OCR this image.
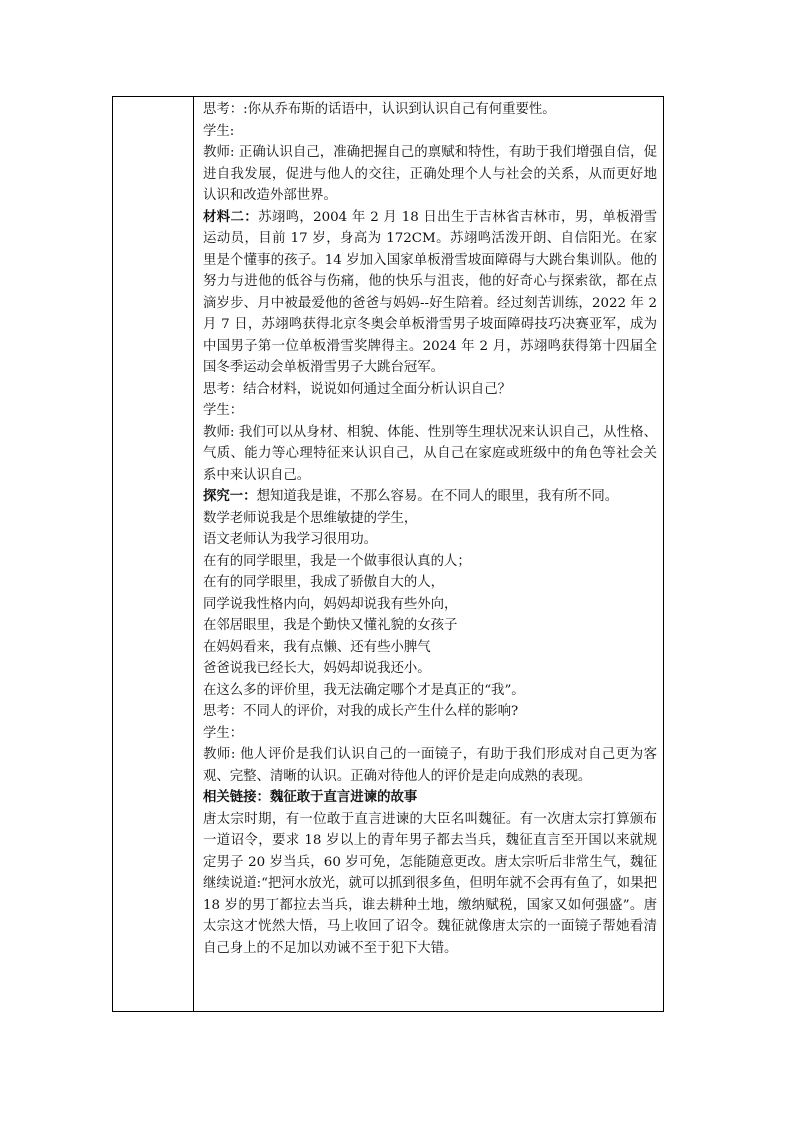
思考：:你从乔布斯的话语中，认识到认识自己有何重要性。

学生:

教师: 正确认识自己，准确把握自己的禀赋和特性，有助于我们增强自信，促进自我发展，促进与他人的交往，正确处理个人与社会的关系，从而更好地认识和改造外部世界。

材料二：苏翊鸣，2004 年 2 月 18 日出生于吉林省吉林市，男，单板滑雪运动员，目前 17 岁，身高为 172CM。苏翊鸣活泼开朗、自信阳光。在家里是个懂事的孩子。14 岁加入国家单板滑雪坡面障碍与大跳台集训队。他的努力与进他的低谷与伤痛，他的快乐与沮丧，他的好奇心与探索欲，都在点滴岁步、月中被最爱他的爸爸与妈妈--好生陪着。经过刻苦训练，2022 年 2 月 7 日，苏翊鸣获得北京冬奥会单板滑雪男子坡面障碍技巧决赛亚军，成为中国男子第一位单板滑雪奖牌得主。2024 年 2 月，苏翊鸣获得第十四届全国冬季运动会单板滑雪男子大跳台冠军。

思考：结合材料，说说如何通过全面分析认识自己？

学生：

教师: 我们可以从身材、相貌、体能、性别等生理状况来认识自己，从性格、气质、能力等心理特征来认识自己，从自己在家庭或班级中的角色等社会关系中来认识自己。

探究一：想知道我是谁，不那么容易。在不同人的眼里，我有所不同。

数学老师说我是个思维敏捷的学生，

语文老师认为我学习很用功。

在有的同学眼里，我是一个做事很认真的人；

在有的同学眼里，我成了骄傲自大的人，

同学说我性格内向，妈妈却说我有些外向，

在邻居眼里，我是个勤快又懂礼貌的女孩子

在妈妈看来，我有点懒、还有些小脾气

爸爸说我已经长大，妈妈却说我还小。

在这么多的评价里，我无法确定哪个才是真正的“我”。

思考：不同人的评价，对我的成长产生什么样的影响?

学生：

教师: 他人评价是我们认识自己的一面镜子，有助于我们形成对自己更为客观、完整、清晰的认识。正确对待他人的评价是走向成熟的表现。

相关链接：魏征敢于直言进谏的故事

唐太宗时期，有一位敢于直言进谏的大臣名叫魏征。有一次唐太宗打算颁布一道诏令，要求 18 岁以上的青年男子都去当兵，魏征直言至开国以来就规定男子 20 岁当兵，60 岁可免，怎能随意更改。唐太宗听后非常生气，魏征继续说道:“把河水放光，就可以抓到很多鱼，但明年就不会再有鱼了，如果把 18 岁的男丁都拉去当兵，谁去耕种土地，缴纳赋税，国家又如何强盛”。唐太宗这才恍然大悟，马上收回了诏令。魏征就像唐太宗的一面镜子帮她看清自己身上的不足加以劝诫不至于犯下大错。
